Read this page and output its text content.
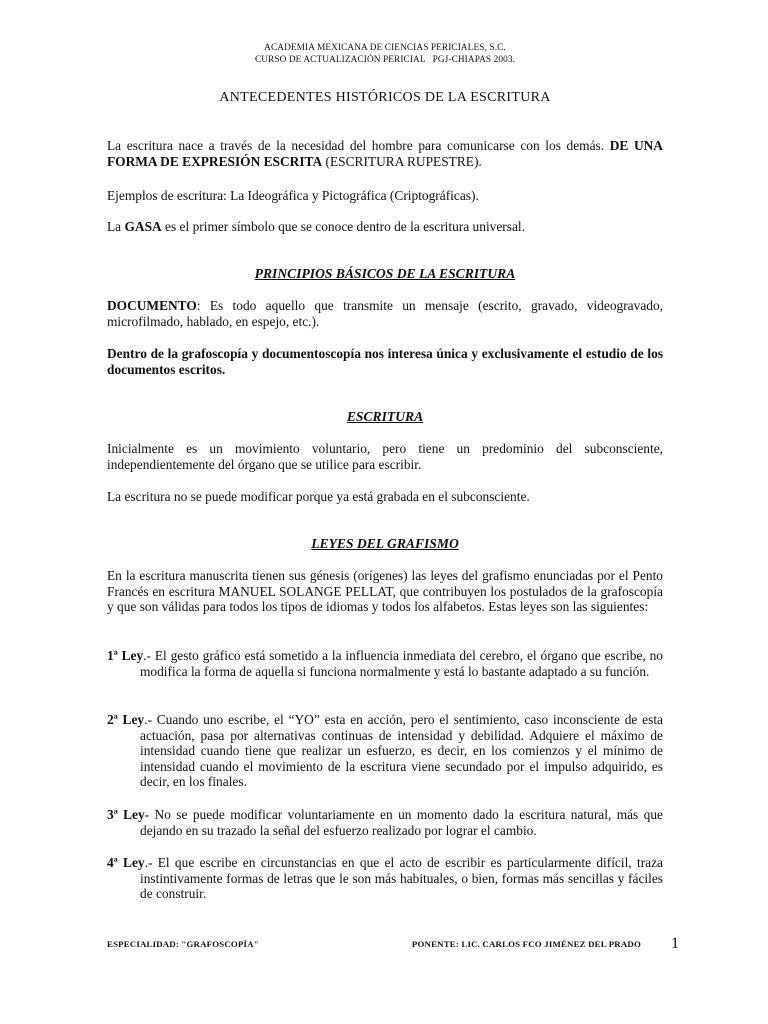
ACADEMIA MEXICANA DE CIENCIAS PERICIALES, S.C.
CURSO DE ACTUALIZACIÓN PERICIAL   PGJ-CHIAPAS 2003.
ANTECEDENTES HISTÓRICOS DE LA ESCRITURA

La escritura nace a través de la necesidad del hombre para comunicarse con los demás. DE UNA FORMA DE EXPRESIÓN ESCRITA (ESCRITURA RUPESTRE).

Ejemplos de escritura: La Ideográfica y Pictográfica (Criptográficas).

La GASA es el primer símbolo que se conoce dentro de la escritura universal.

PRINCIPIOS BÁSICOS DE LA ESCRITURA

DOCUMENTO: Es todo aquello que transmite un mensaje (escrito, gravado, videogravado, microfilmado, hablado, en espejo, etc.).

Dentro de la grafoscopía y documentoscopía nos interesa única y exclusivamente el estudio de los documentos escritos.

ESCRITURA

Inicialmente es un movimiento voluntario, pero tiene un predominio del subconsciente, independientemente del órgano que se utilice para escribir.

La escritura no se puede modificar porque ya está grabada en el subconsciente.

LEYES DEL GRAFISMO

En la escritura manuscrita tienen sus génesis (orígenes) las leyes del grafismo enunciadas por el Pento Francés en escritura MANUEL SOLANGE PELLAT, que contribuyen los postulados de la grafoscopía y que son válidas para todos los tipos de idiomas y todos los alfabetos. Estas leyes son las siguientes:

1ª Ley.- El gesto gráfico está sometido a la influencia inmediata del cerebro, el órgano que escribe, no modifica la forma de aquella si funciona normalmente y está lo bastante adaptado a su función.

2ª Ley.- Cuando uno escribe, el “YO” esta en acción, pero el sentimiento, caso inconsciente de esta actuación, pasa por alternativas continuas de intensidad y debilidad. Adquiere el máximo de intensidad cuando tiene que realizar un esfuerzo, es decir, en los comienzos y el mínimo de intensidad cuando el movimiento de la escritura viene secundado por el impulso adquirido, es decir, en los finales.

3ª Ley- No se puede modificar voluntariamente en un momento dado la escritura natural, más que dejando en su trazado la señal del esfuerzo realizado por lograr el cambio.

4ª Ley.- El que escribe en circunstancias en que el acto de escribir es particularmente difícil, traza instintivamente formas de letras que le son más habituales, o bien, formas más sencillas y fáciles de construir.

ESPECIALIDAD: "GRAFOSCOPÍA"	PONENTE: LIC. CARLOS FCO JIMÉNEZ DEL PRADO 1
